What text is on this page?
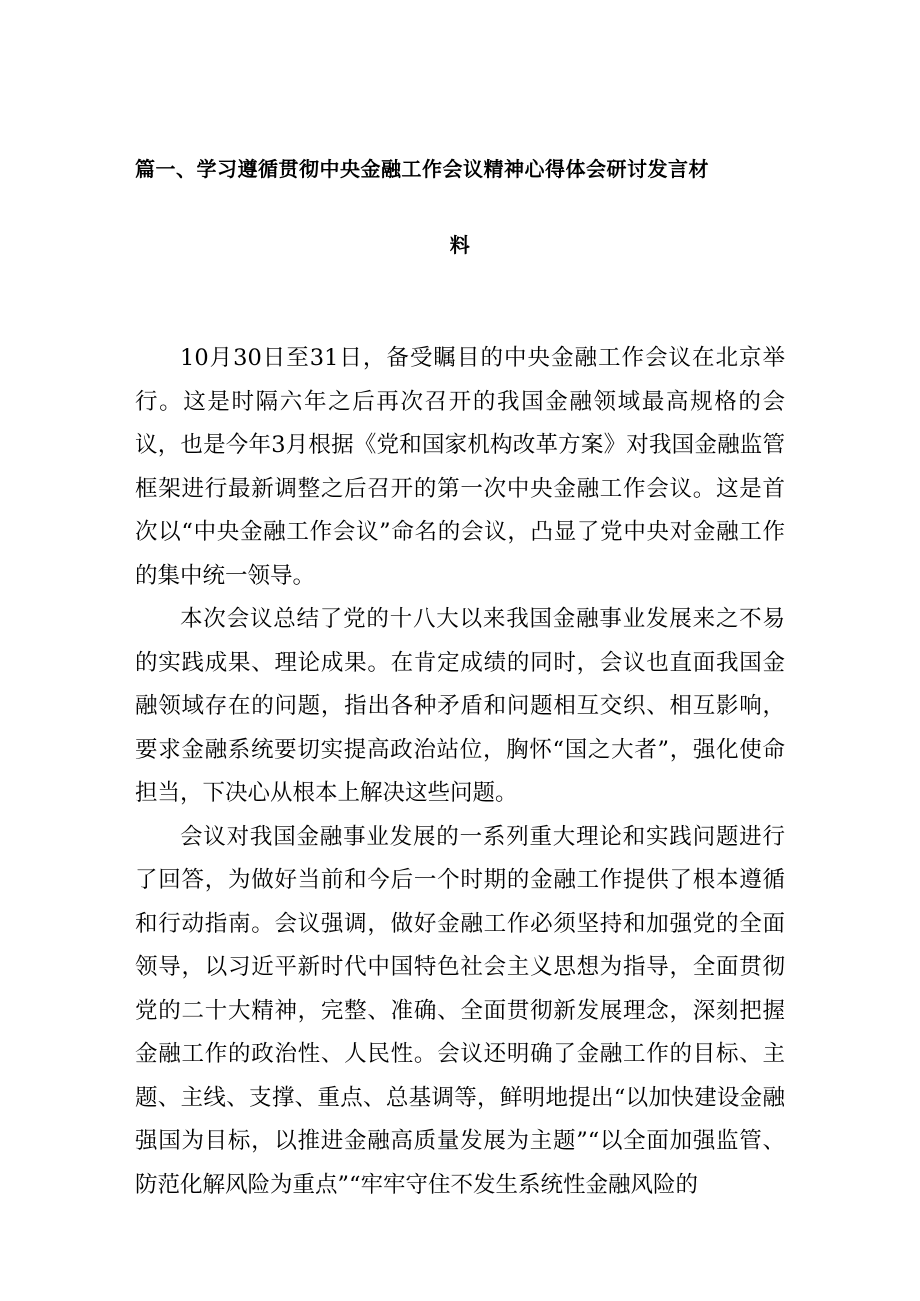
篇一、学习遵循贯彻中央金融工作会议精神心得体会研讨发言材
料

10月30日至31日，备受瞩目的中央金融工作会议在北京举行。这是时隔六年之后再次召开的我国金融领域最高规格的会议，也是今年3月根据《党和国家机构改革方案》对我国金融监管框架进行最新调整之后召开的第一次中央金融工作会议。这是首次以“中央金融工作会议”命名的会议，凸显了党中央对金融工作的集中统一领导。

本次会议总结了党的十八大以来我国金融事业发展来之不易的实践成果、理论成果。在肯定成绩的同时，会议也直面我国金融领域存在的问题，指出各种矛盾和问题相互交织、相互影响，要求金融系统要切实提高政治站位，胸怀“国之大者”，强化使命担当，下决心从根本上解决这些问题。

会议对我国金融事业发展的一系列重大理论和实践问题进行了回答，为做好当前和今后一个时期的金融工作提供了根本遵循和行动指南。会议强调，做好金融工作必须坚持和加强党的全面领导，以习近平新时代中国特色社会主义思想为指导，全面贯彻党的二十大精神，完整、准确、全面贯彻新发展理念，深刻把握金融工作的政治性、人民性。会议还明确了金融工作的目标、主题、主线、支撑、重点、总基调等，鲜明地提出“以加快建设金融强国为目标，以推进金融高质量发展为主题”“以全面加强监管、防范化解风险为重点”“牢牢守住不发生系统性金融风险的
